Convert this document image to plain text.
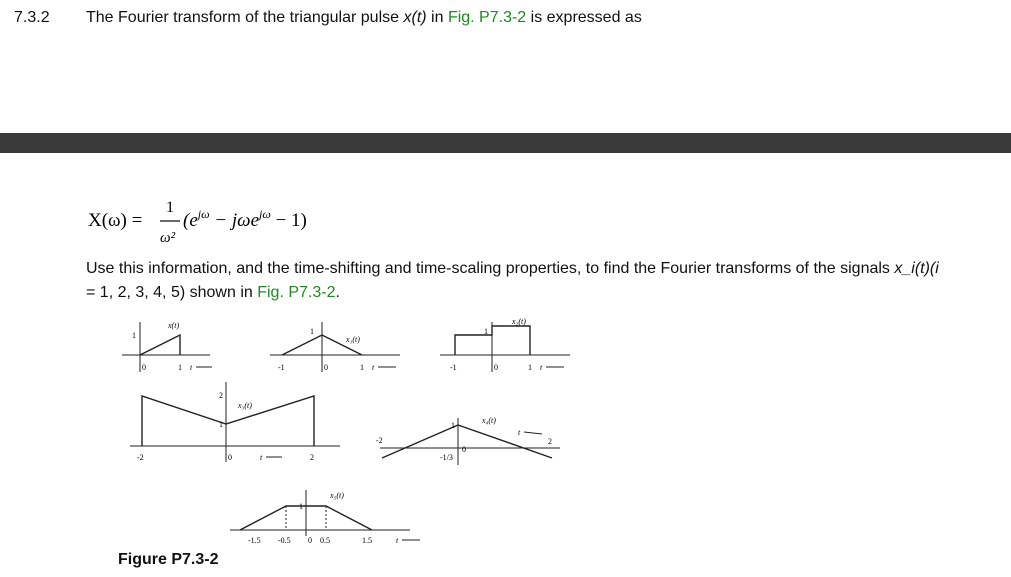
7.3.2 The Fourier transform of the triangular pulse x(t) in Fig. P7.3-2 is expressed as
X(ω) =
1
ω²
$(e^{j\omega} - j\omega e^{j\omega} - 1)$
Use this information, and the time-shifting and time-scaling properties, to find the Fourier transforms of the signals x_i(t)(i
= 1, 2, 3, 4, 5) shown in Fig. P7.3-2.
x(t)
1
0	1 t
x₁(t)
1
-1	0	1 t
x₂(t)
1
-1	0	1 t
x₃(t)
2
1
-2	0	t	2
x₄(t)
1
-2
-1/3
0
t
2
x₅(t)
1
-1.5 -0.5 0 0.5	1.5	t
Figure P7.3-2
